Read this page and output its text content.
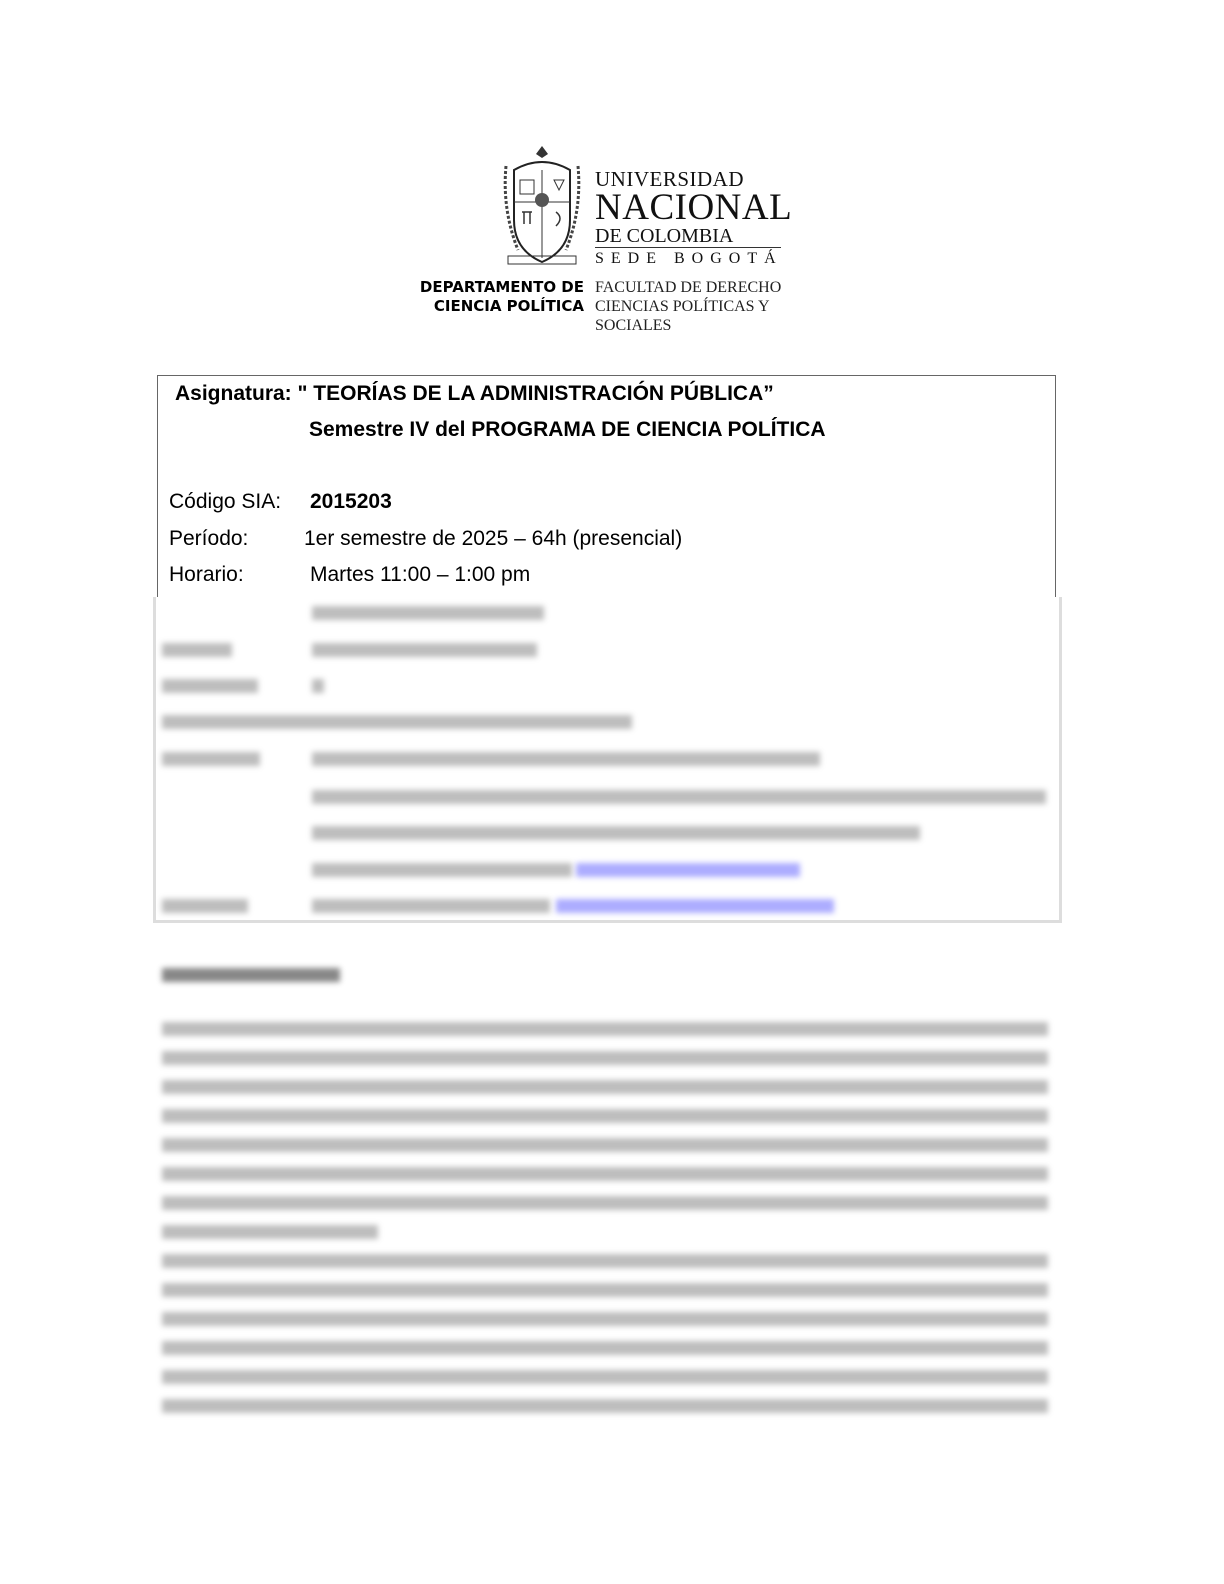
UNIVERSIDAD
NACIONAL
DE COLOMBIA
SEDE BOGOTÁ
DEPARTAMENTO DE
CIENCIA POLÍTICA
FACULTAD DE DERECHO
CIENCIAS POLÍTICAS Y
SOCIALES
Asignatura: " TEORÍAS DE LA ADMINISTRACIÓN PÚBLICA”
Semestre IV del PROGRAMA DE CIENCIA POLÍTICA
Código SIA: 2015203
Período:	1er semestre de 2025 – 64h (presencial)
Horario:	Martes 11:00 – 1:00 pm
